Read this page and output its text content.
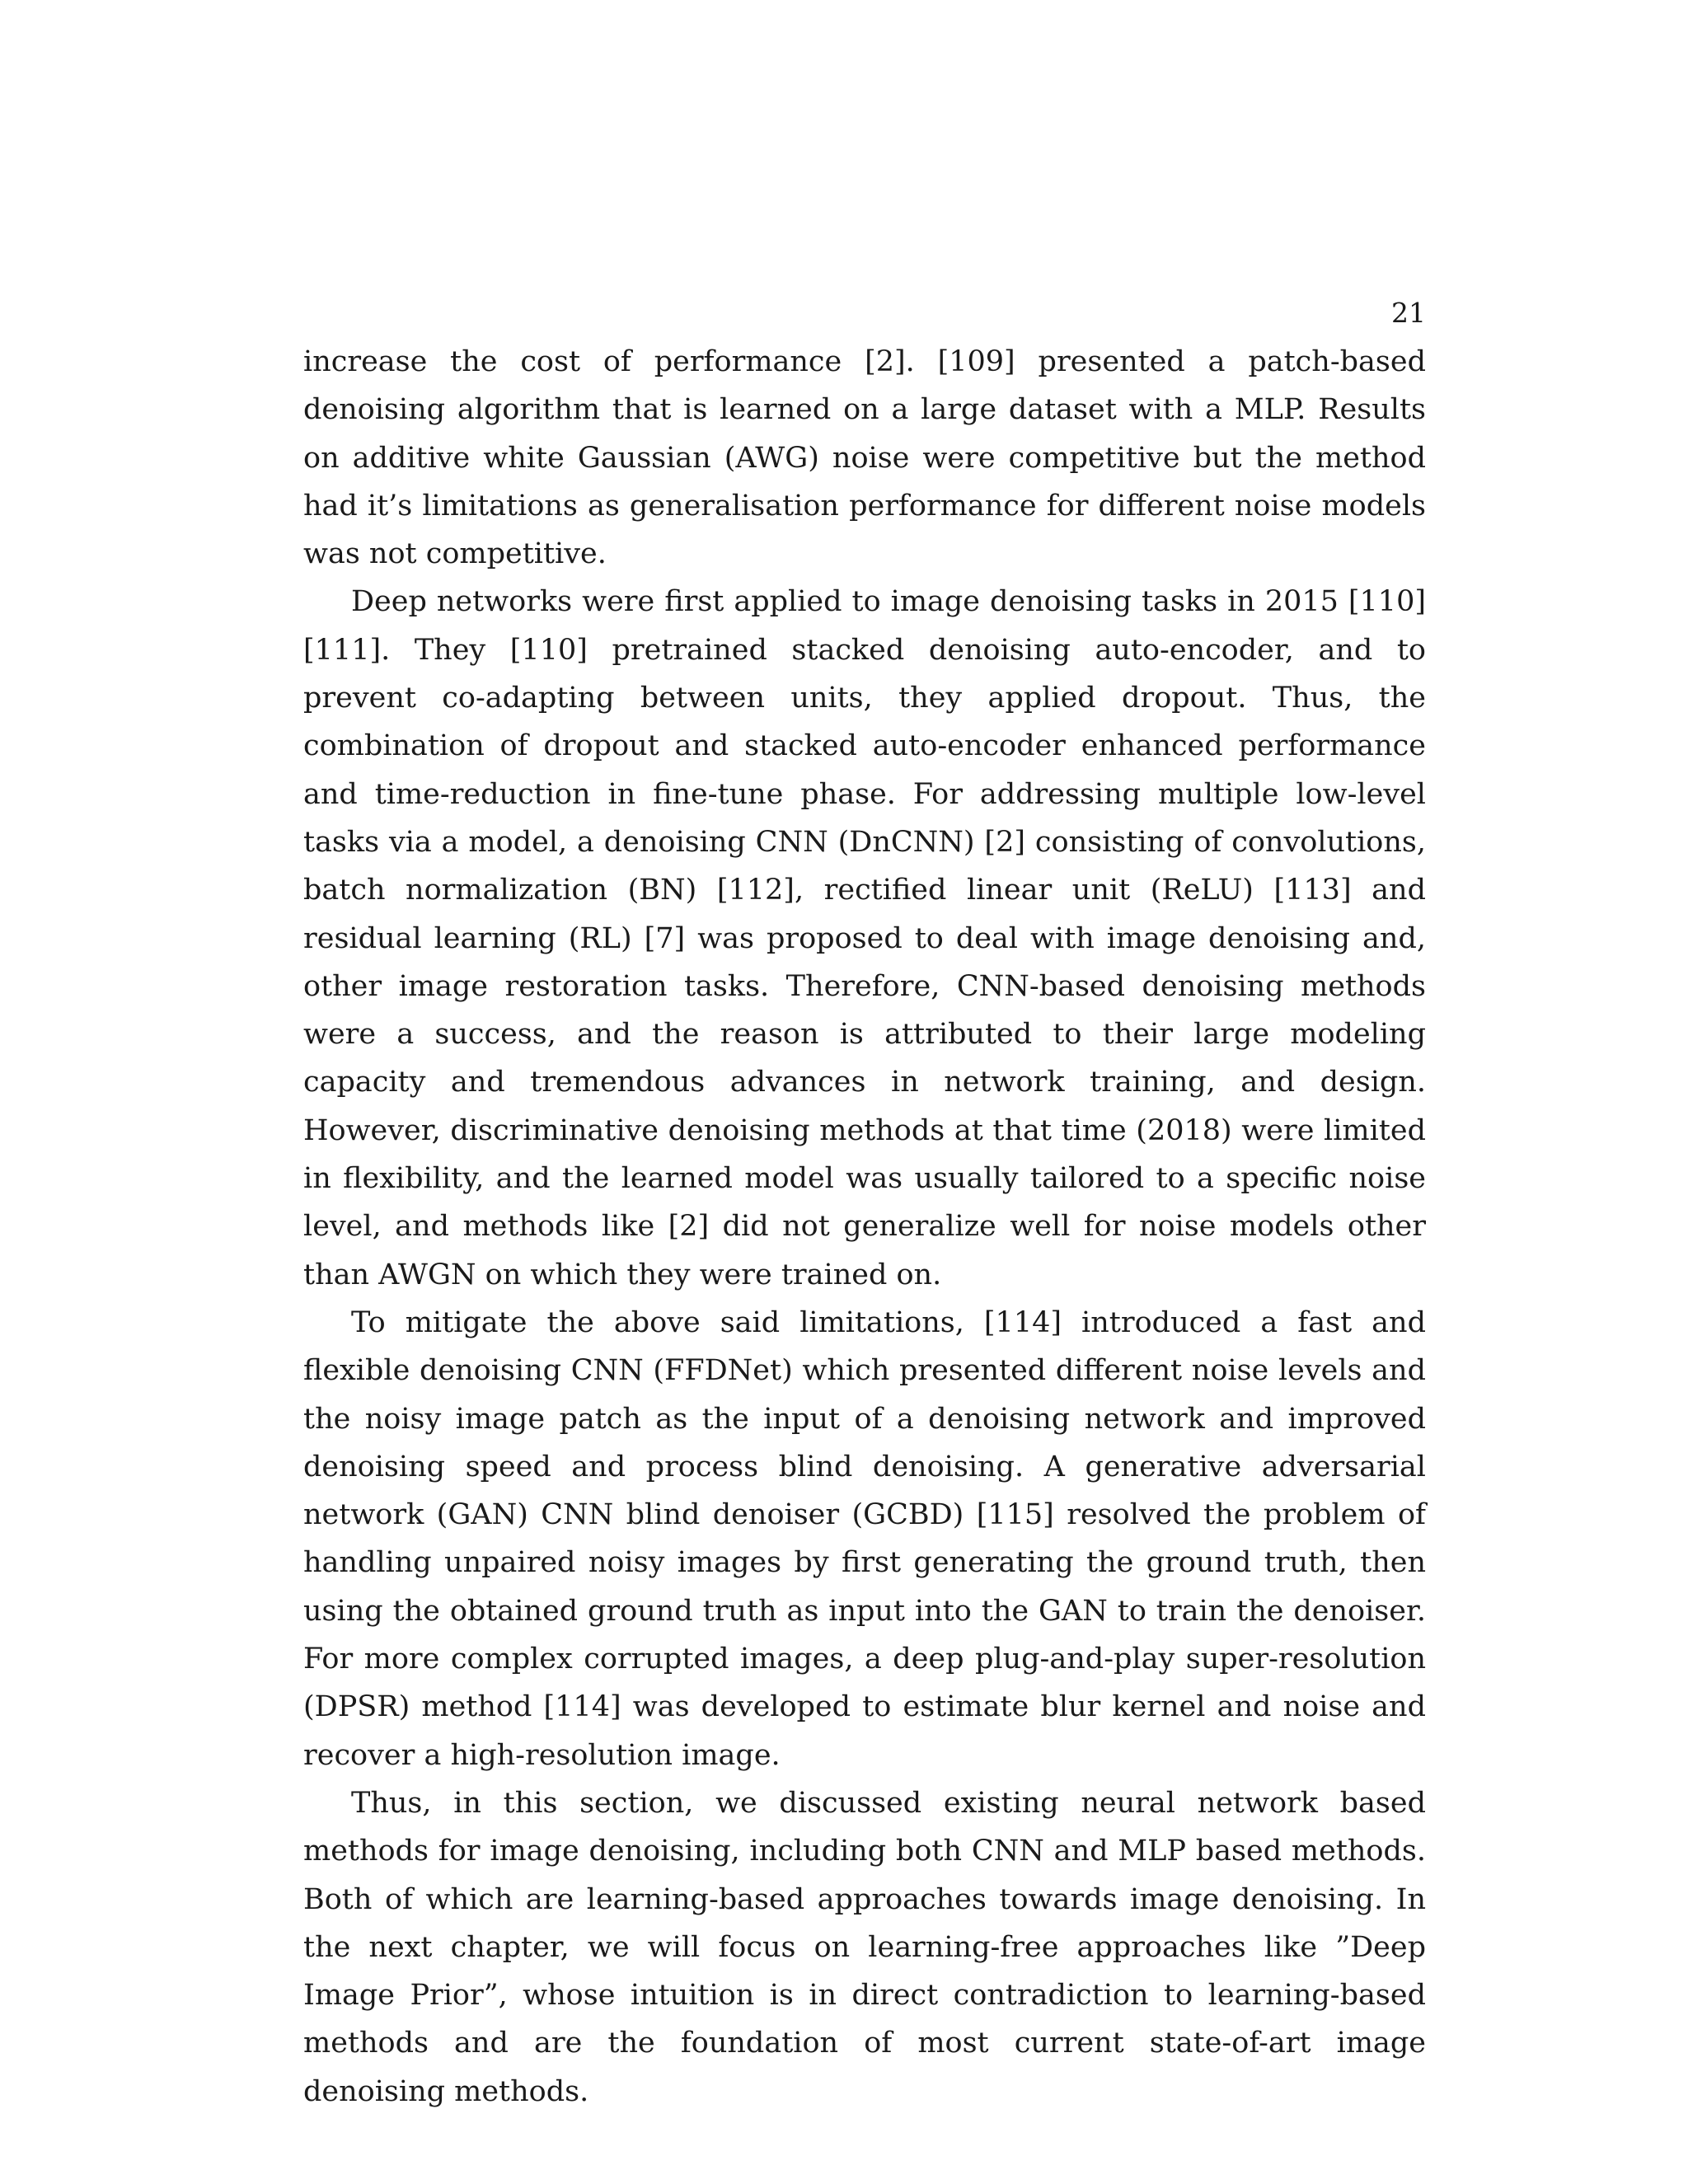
21

increase the cost of performance [2]. [109] presented a patch-based denoising algorithm that is learned on a large dataset with a MLP. Results on additive white Gaussian (AWG) noise were competitive but the method had it’s limitations as generalisation performance for different noise models was not competitive.

Deep networks were first applied to image denoising tasks in 2015 [110][111]. They [110] pretrained stacked denoising auto-encoder, and to prevent co-adapting between units, they applied dropout. Thus, the combination of dropout and stacked auto-encoder enhanced performance and time-reduction in fine-tune phase. For addressing multiple low-level tasks via a model, a denoising CNN (DnCNN) [2] consisting of convolutions, batch normalization (BN) [112], rectified linear unit (ReLU) [113] and residual learning (RL) [7] was proposed to deal with image denoising and, other image restoration tasks. Therefore, CNN-based denoising methods were a success, and the reason is attributed to their large modeling capacity and tremendous advances in network training, and design. However, discriminative denoising methods at that time (2018) were limited in flexibility, and the learned model was usually tailored to a specific noise level, and methods like [2] did not generalize well for noise models other than AWGN on which they were trained on.

To mitigate the above said limitations, [114] introduced a fast and flexible denoising CNN (FFDNet) which presented different noise levels and the noisy image patch as the input of a denoising network and improved denoising speed and process blind denoising. A generative adversarial network (GAN) CNN blind denoiser (GCBD) [115] resolved the problem of handling unpaired noisy images by first generating the ground truth, then using the obtained ground truth as input into the GAN to train the denoiser. For more complex corrupted images, a deep plug-and-play super-resolution (DPSR) method [114] was developed to estimate blur kernel and noise and recover a high-resolution image.

Thus, in this section, we discussed existing neural network based methods for image denoising, including both CNN and MLP based methods. Both of which are learning-based approaches towards image denoising. In the next chapter, we will focus on learning-free approaches like ”Deep Image Prior”, whose intuition is in direct contradiction to learning-based methods and are the foundation of most current state-of-art image denoising methods.
